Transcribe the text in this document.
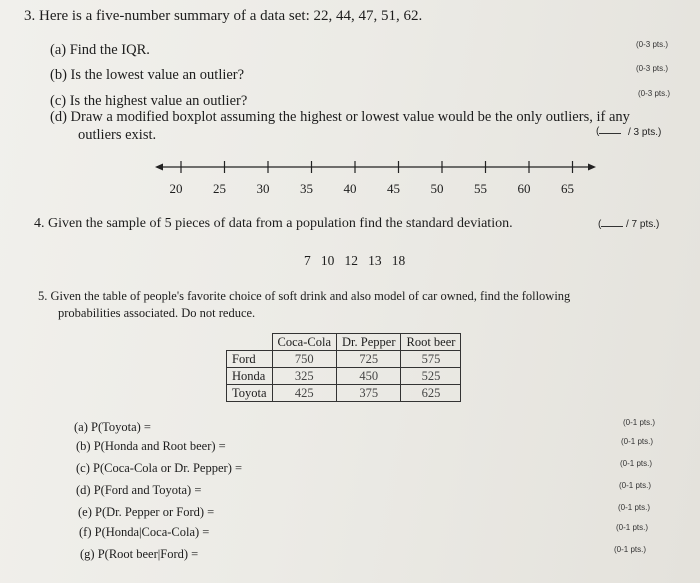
3. Here is a five-number summary of a data set: 22, 44, 47, 51, 62.
(a) Find the IQR.	(0-3 pts.)
(b) Is the lowest value an outlier?	(0-3 pts.)
(c) Is the highest value an outlier?	(0-3 pts.)
(d) Draw a modified boxplot assuming the highest or lowest value would be the only outliers, if any
outliers exist.	(	/ 3 pts.)
20 25 30 35 40 45 50 55 60 65
4. Given the sample of 5 pieces of data from a population find the standard deviation.	(	/ 7 pts.)
7   10   12   13   18
5. Given the table of people's favorite choice of soft drink and also model of car owned, find the following
probabilities associated. Do not reduce.
	Coca-Cola	Dr. Pepper	Root beer
Ford	750	725	575
Honda	325	450	525
Toyota	425	375	625
(a) P(Toyota) =	(0-1 pts.)
(b) P(Honda and Root beer) =	(0-1 pts.)
(c) P(Coca-Cola or Dr. Pepper) =	(0-1 pts.)
(d) P(Ford and Toyota) =	(0-1 pts.)
(e) P(Dr. Pepper or Ford) =	(0-1 pts.)
(f) P(Honda|Coca-Cola) =	(0-1 pts.)
(g) P(Root beer|Ford) =	(0-1 pts.)
